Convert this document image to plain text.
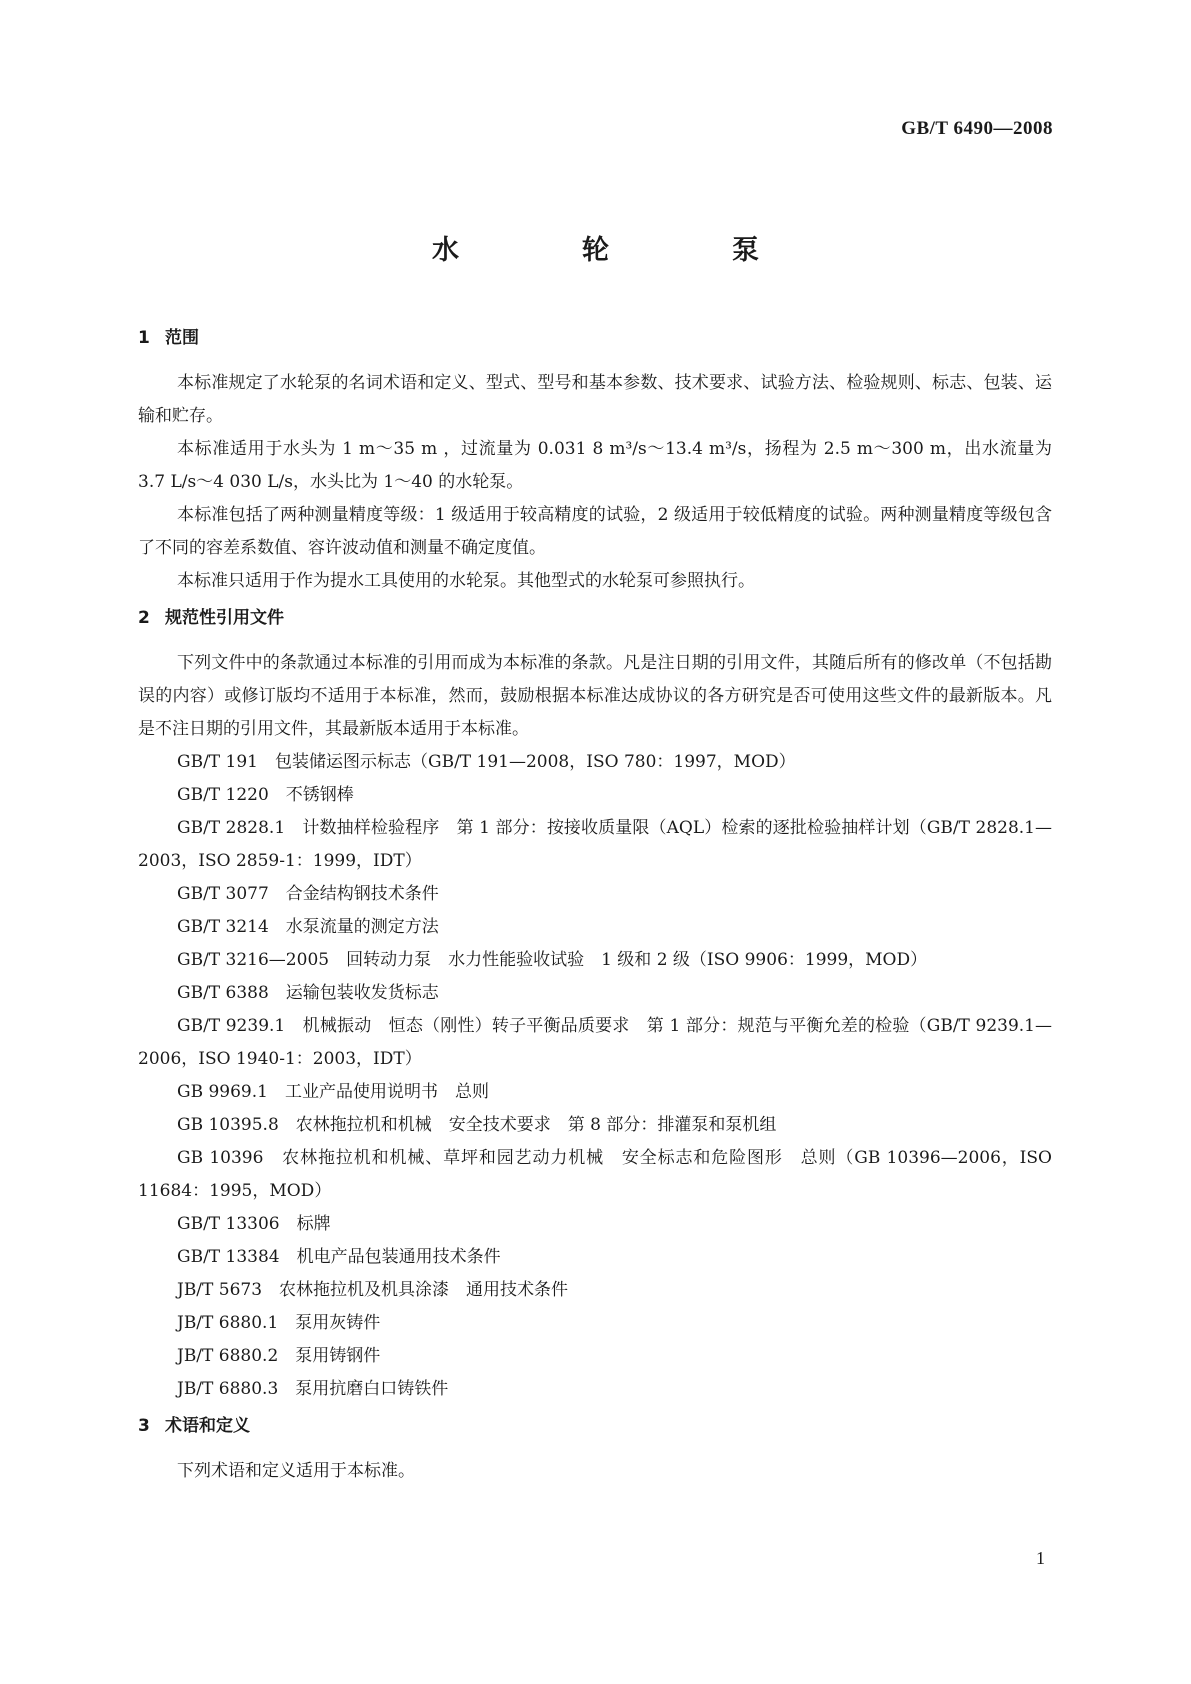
GB/T 6490—2008
水　轮　泵
1 范围

本标准规定了水轮泵的名词术语和定义、型式、型号和基本参数、技术要求、试验方法、检验规则、标志、包装、运输和贮存。

本标准适用于水头为 1 m～35 m ，过流量为 0.031 8 m³/s～13.4 m³/s，扬程为 2.5 m～300 m，出水流量为 3.7 L/s～4 030 L/s，水头比为 1～40 的水轮泵。

本标准包括了两种测量精度等级：1 级适用于较高精度的试验，2 级适用于较低精度的试验。两种测量精度等级包含了不同的容差系数值、容许波动值和测量不确定度值。

本标准只适用于作为提水工具使用的水轮泵。其他型式的水轮泵可参照执行。

2 规范性引用文件

下列文件中的条款通过本标准的引用而成为本标准的条款。凡是注日期的引用文件，其随后所有的修改单（不包括勘误的内容）或修订版均不适用于本标准，然而，鼓励根据本标准达成协议的各方研究是否可使用这些文件的最新版本。凡是不注日期的引用文件，其最新版本适用于本标准。

GB/T 191　包装储运图示标志（GB/T 191—2008，ISO 780：1997，MOD）

GB/T 1220　不锈钢棒

GB/T 2828.1　计数抽样检验程序　第 1 部分：按接收质量限（AQL）检索的逐批检验抽样计划（GB/T 2828.1—2003，ISO 2859-1：1999，IDT）

GB/T 3077　合金结构钢技术条件

GB/T 3214　水泵流量的测定方法

GB/T 3216—2005　回转动力泵　水力性能验收试验　1 级和 2 级（ISO 9906：1999，MOD）

GB/T 6388　运输包装收发货标志

GB/T 9239.1　机械振动　恒态（刚性）转子平衡品质要求　第 1 部分：规范与平衡允差的检验（GB/T 9239.1—2006，ISO 1940-1：2003，IDT）

GB 9969.1　工业产品使用说明书　总则

GB 10395.8　农林拖拉机和机械　安全技术要求　第 8 部分：排灌泵和泵机组

GB 10396　农林拖拉机和机械、草坪和园艺动力机械　安全标志和危险图形　总则（GB 10396—2006，ISO 11684：1995，MOD）

GB/T 13306　标牌

GB/T 13384　机电产品包装通用技术条件

JB/T 5673　农林拖拉机及机具涂漆　通用技术条件

JB/T 6880.1　泵用灰铸件

JB/T 6880.2　泵用铸钢件

JB/T 6880.3　泵用抗磨白口铸铁件

3 术语和定义

下列术语和定义适用于本标准。

1
